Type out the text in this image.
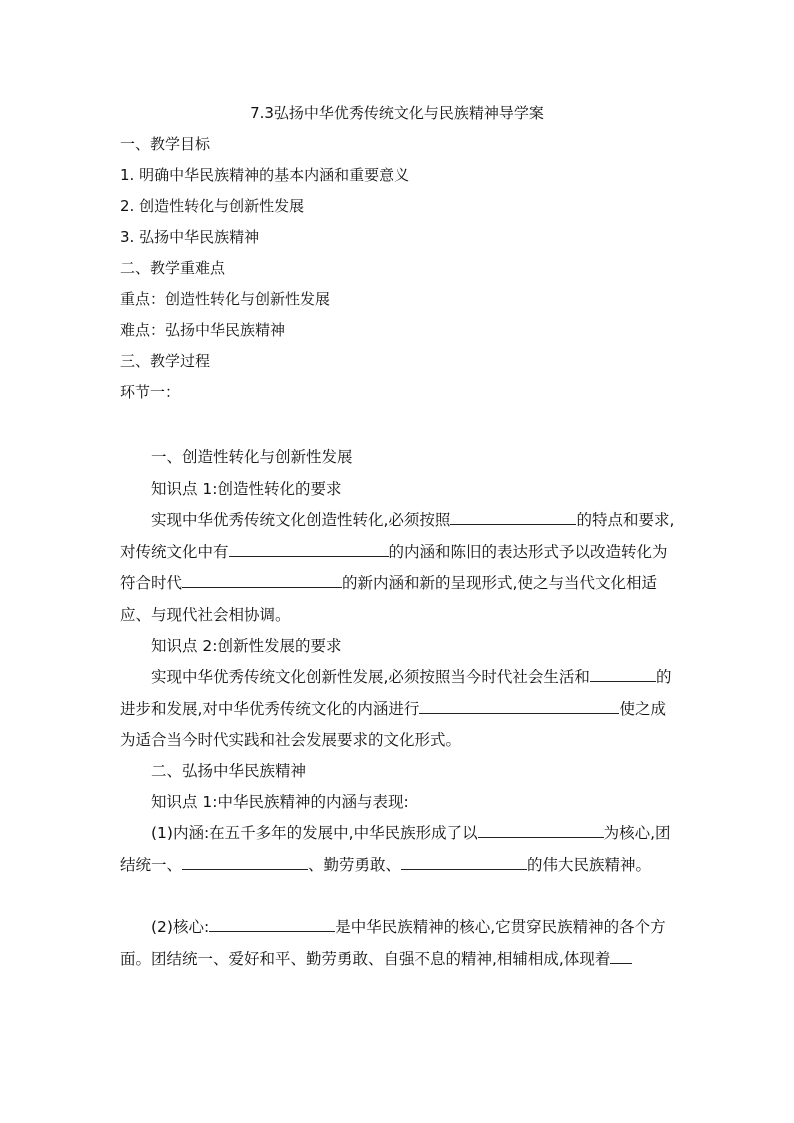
7.3弘扬中华优秀传统文化与民族精神导学案

一、教学目标

1. 明确中华民族精神的基本内涵和重要意义

2. 创造性转化与创新性发展

3. 弘扬中华民族精神

二、教学重难点

重点：创造性转化与创新性发展

难点：弘扬中华民族精神

三、教学过程

环节一：

一、创造性转化与创新性发展

知识点 1:创造性转化的要求

实现中华优秀传统文化创造性转化,必须按照	的特点和要求,对传统文化中有	的内涵和陈旧的表达形式予以改造转化为符合时代	的新内涵和新的呈现形式,使之与当代文化相适应、与现代社会相协调。

知识点 2:创新性发展的要求

实现中华优秀传统文化创新性发展,必须按照当今时代社会生活和	的进步和发展,对中华优秀传统文化的内涵进行	使之成为适合当今时代实践和社会发展要求的文化形式。

二、弘扬中华民族精神

知识点 1:中华民族精神的内涵与表现:

(1)内涵:在五千多年的发展中,中华民族形成了以	为核心,团结统一、	、勤劳勇敢、	的伟大民族精神。

(2)核心:	是中华民族精神的核心,它贯穿民族精神的各个方面。团结统一、爱好和平、勤劳勇敢、自强不息的精神,相辅相成,体现着
